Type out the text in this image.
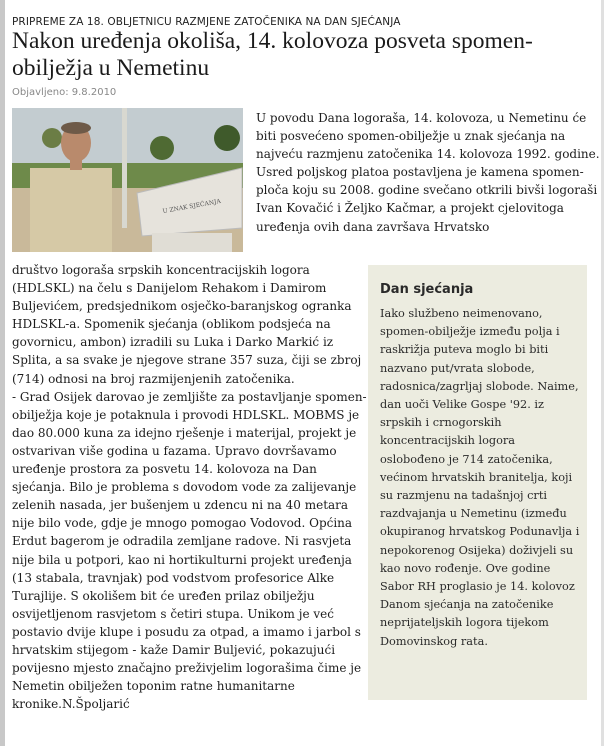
PRIPREME ZA 18. OBLJETNICU RAZMJENE ZATOČENIKA NA DAN SJEĆANJA
Nakon uređenja okoliša, 14. kolovoza posveta spomen-obilježja u Nemetinu
Objavljeno: 9.8.2010
U ZNAK SJEĆANJA

U povodu Dana logoraša, 14. kolovoza, u Nemetinu će biti posvećeno spomen-obilježje u znak sjećanja na najveću razmjenu zatočenika 14. kolovoza 1992. godine.

Usred poljskog platoa postavljena je kamena spomen-ploča koju su 2008. godine svečano otkrili bivši logoraši Ivan Kovačić i Željko Kačmar, a projekt cjelovitoga uređenja ovih dana završava Hrvatsko

društvo logoraša srpskih koncentracijskih logora (HDLSKL) na čelu s Danijelom Rehakom i Damirom Buljevićem, predsjednikom osječko-baranjskog ogranka HDLSKL-a. Spomenik sjećanja (oblikom podsjeća na govornicu, ambon) izradili su Luka i Darko Markić iz Splita, a sa svake je njegove strane 357 suza, čiji se zbroj (714) odnosi na broj razmijenjenih zatočenika.

- Grad Osijek darovao je zemljište za postavljanje spomen-obilježja koje je potaknula i provodi HDLSKL. MOBMS je dao 80.000 kuna za idejno rješenje i materijal, projekt je ostvarivan više godina u fazama. Upravo dovršavamo uređenje prostora za posvetu 14. kolovoza na Dan sjećanja. Bilo je problema s dovodom vode za zalijevanje zelenih nasada, jer bušenjem u zdencu ni na 40 metara nije bilo vode, gdje je mnogo pomogao Vodovod. Općina Erdut bagerom je odradila zemljane radove. Ni rasvjeta nije bila u potpori, kao ni hortikulturni projekt uređenja (13 stabala, travnjak) pod vodstvom profesorice Alke Turajlije. S okolišem bit će uređen prilaz obilježju osvijetljenom rasvjetom s četiri stupa. Unikom je već postavio dvije klupe i posudu za otpad, a imamo i jarbol s hrvatskim stijegom - kaže Damir Buljević, pokazujući povijesno mjesto značajno preživjelim logorašima čime je Nemetin obilježen toponim ratne humanitarne kronike.N.Špoljarić

Dan sjećanja
Iako službeno neimenovano, spomen-obilježje između polja i raskrižja puteva moglo bi biti nazvano put/vrata slobode, radosnica/zagrljaj slobode. Naime, dan uoči Velike Gospe '92. iz srpskih i crnogorskih koncentracijskih logora oslobođeno je 714 zatočenika, većinom hrvatskih branitelja, koji su razmjenu na tadašnjoj crti razdvajanja u Nemetinu (između okupiranog hrvatskog Podunavlja i nepokorenog Osijeka) doživjeli su kao novo rođenje. Ove godine Sabor RH proglasio je 14. kolovoz Danom sjećanja na zatočenike neprijateljskih logora tijekom Domovinskog rata.
